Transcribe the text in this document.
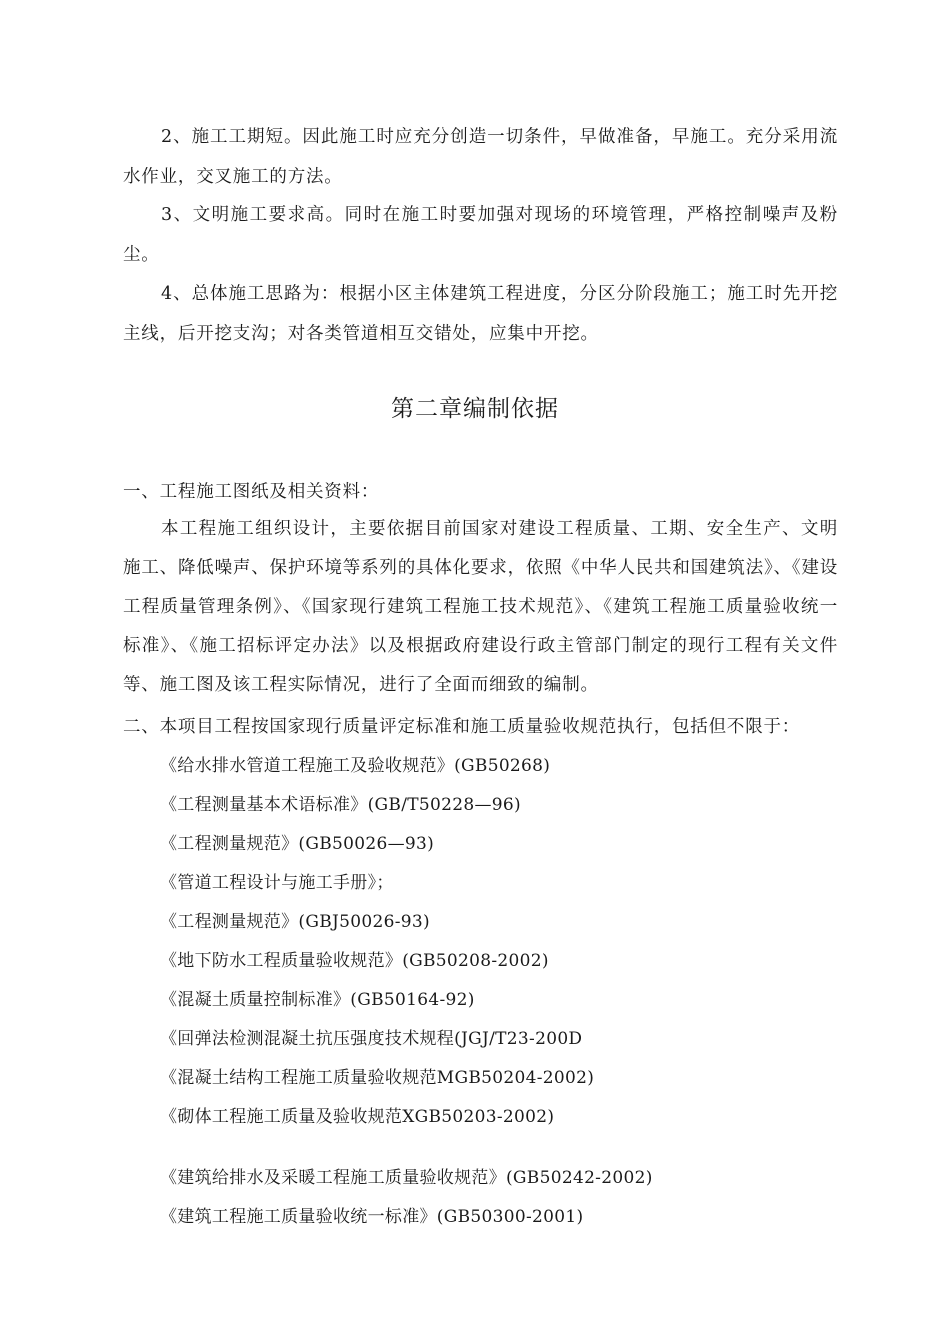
2、施工工期短。因此施工时应充分创造一切条件，早做准备，早施工。充分采用流水作业，交叉施工的方法。

3、文明施工要求高。同时在施工时要加强对现场的环境管理，严格控制噪声及粉尘。

4、总体施工思路为：根据小区主体建筑工程进度，分区分阶段施工；施工时先开挖主线，后开挖支沟；对各类管道相互交错处，应集中开挖。

第二章编制依据

一、工程施工图纸及相关资料：

本工程施工组织设计，主要依据目前国家对建设工程质量、工期、安全生产、文明施工、降低噪声、保护环境等系列的具体化要求，依照《中华人民共和国建筑法》、《建设工程质量管理条例》、《国家现行建筑工程施工技术规范》、《建筑工程施工质量验收统一标准》、《施工招标评定办法》以及根据政府建设行政主管部门制定的现行工程有关文件等、施工图及该工程实际情况，进行了全面而细致的编制。

二、本项目工程按国家现行质量评定标准和施工质量验收规范执行，包括但不限于：

《给水排水管道工程施工及验收规范》(GB50268)

《工程测量基本术语标准》(GB/T50228—96)

《工程测量规范》(GB50026—93)

《管道工程设计与施工手册》；

《工程测量规范》(GBJ50026-93)

《地下防水工程质量验收规范》(GB50208-2002)

《混凝土质量控制标准》(GB50164-92)

《回弹法检测混凝土抗压强度技术规程(JGJ/T23-200D

《混凝土结构工程施工质量验收规范MGB50204-2002)

《砌体工程施工质量及验收规范XGB50203-2002)

《建筑给排水及采暖工程施工质量验收规范》(GB50242-2002)

《建筑工程施工质量验收统一标准》(GB50300-2001)
